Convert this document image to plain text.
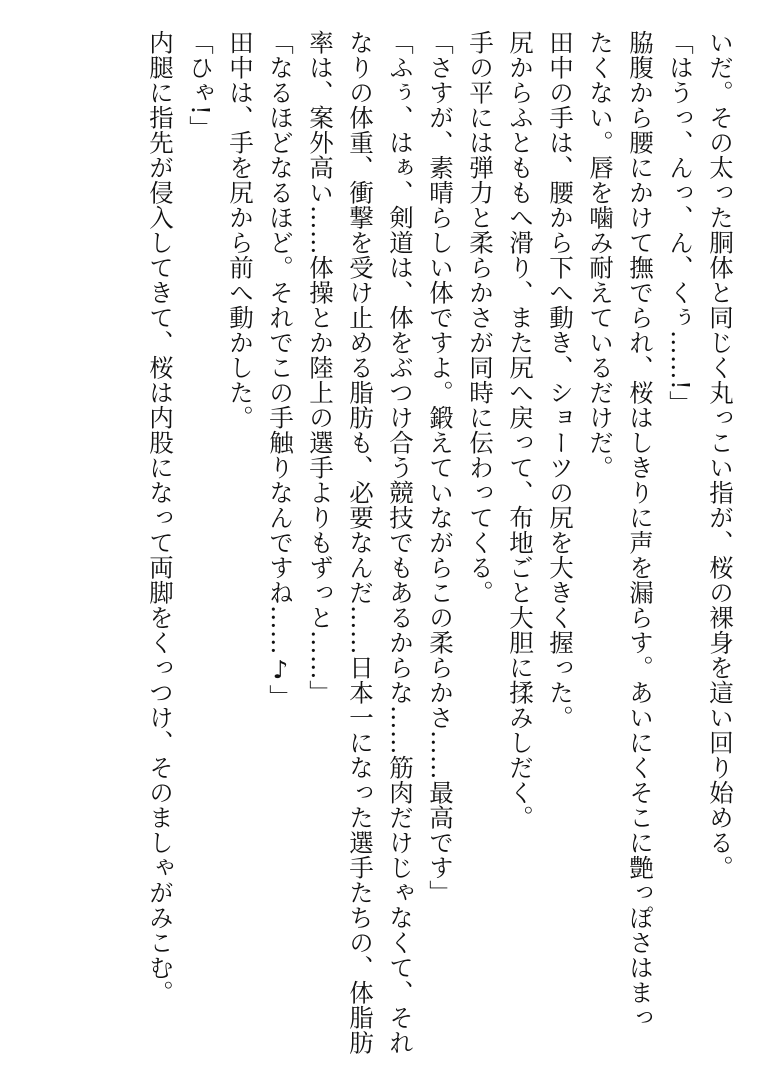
いだ。その太った胴体と同じく丸っこい指が、桜の裸身を這い回り始める。
「はうっ、んっ、ん、くぅ……!」
脇腹から腰にかけて撫でられ、桜はしきりに声を漏らす。あいにくそこに艶っぽさはまっ
たくない。唇を噛み耐えているだけだ。
田中の手は、腰から下へ動き、ショーツの尻を大きく握った。
尻からふとももへ滑り、また尻へ戻って、布地ごと大胆に揉みしだく。
手の平には弾力と柔らかさが同時に伝わってくる。
「さすが、素晴らしい体ですよ。鍛えていながらこの柔らかさ……最高です」
「ふぅ、はぁ、剣道は、体をぶつけ合う競技でもあるからな……筋肉だけじゃなくて、それ
なりの体重、衝撃を受け止める脂肪も、必要なんだ……日本一になった選手たちの、体脂肪
率は、案外高い……体操とか陸上の選手よりもずっと……」
「なるほどなるほど。それでこの手触りなんですね……♪」
田中は、手を尻から前へ動かした。
「ひゃ!」
内腿に指先が侵入してきて、桜は内股になって両脚をくっつけ、そのましゃがみこむ。
